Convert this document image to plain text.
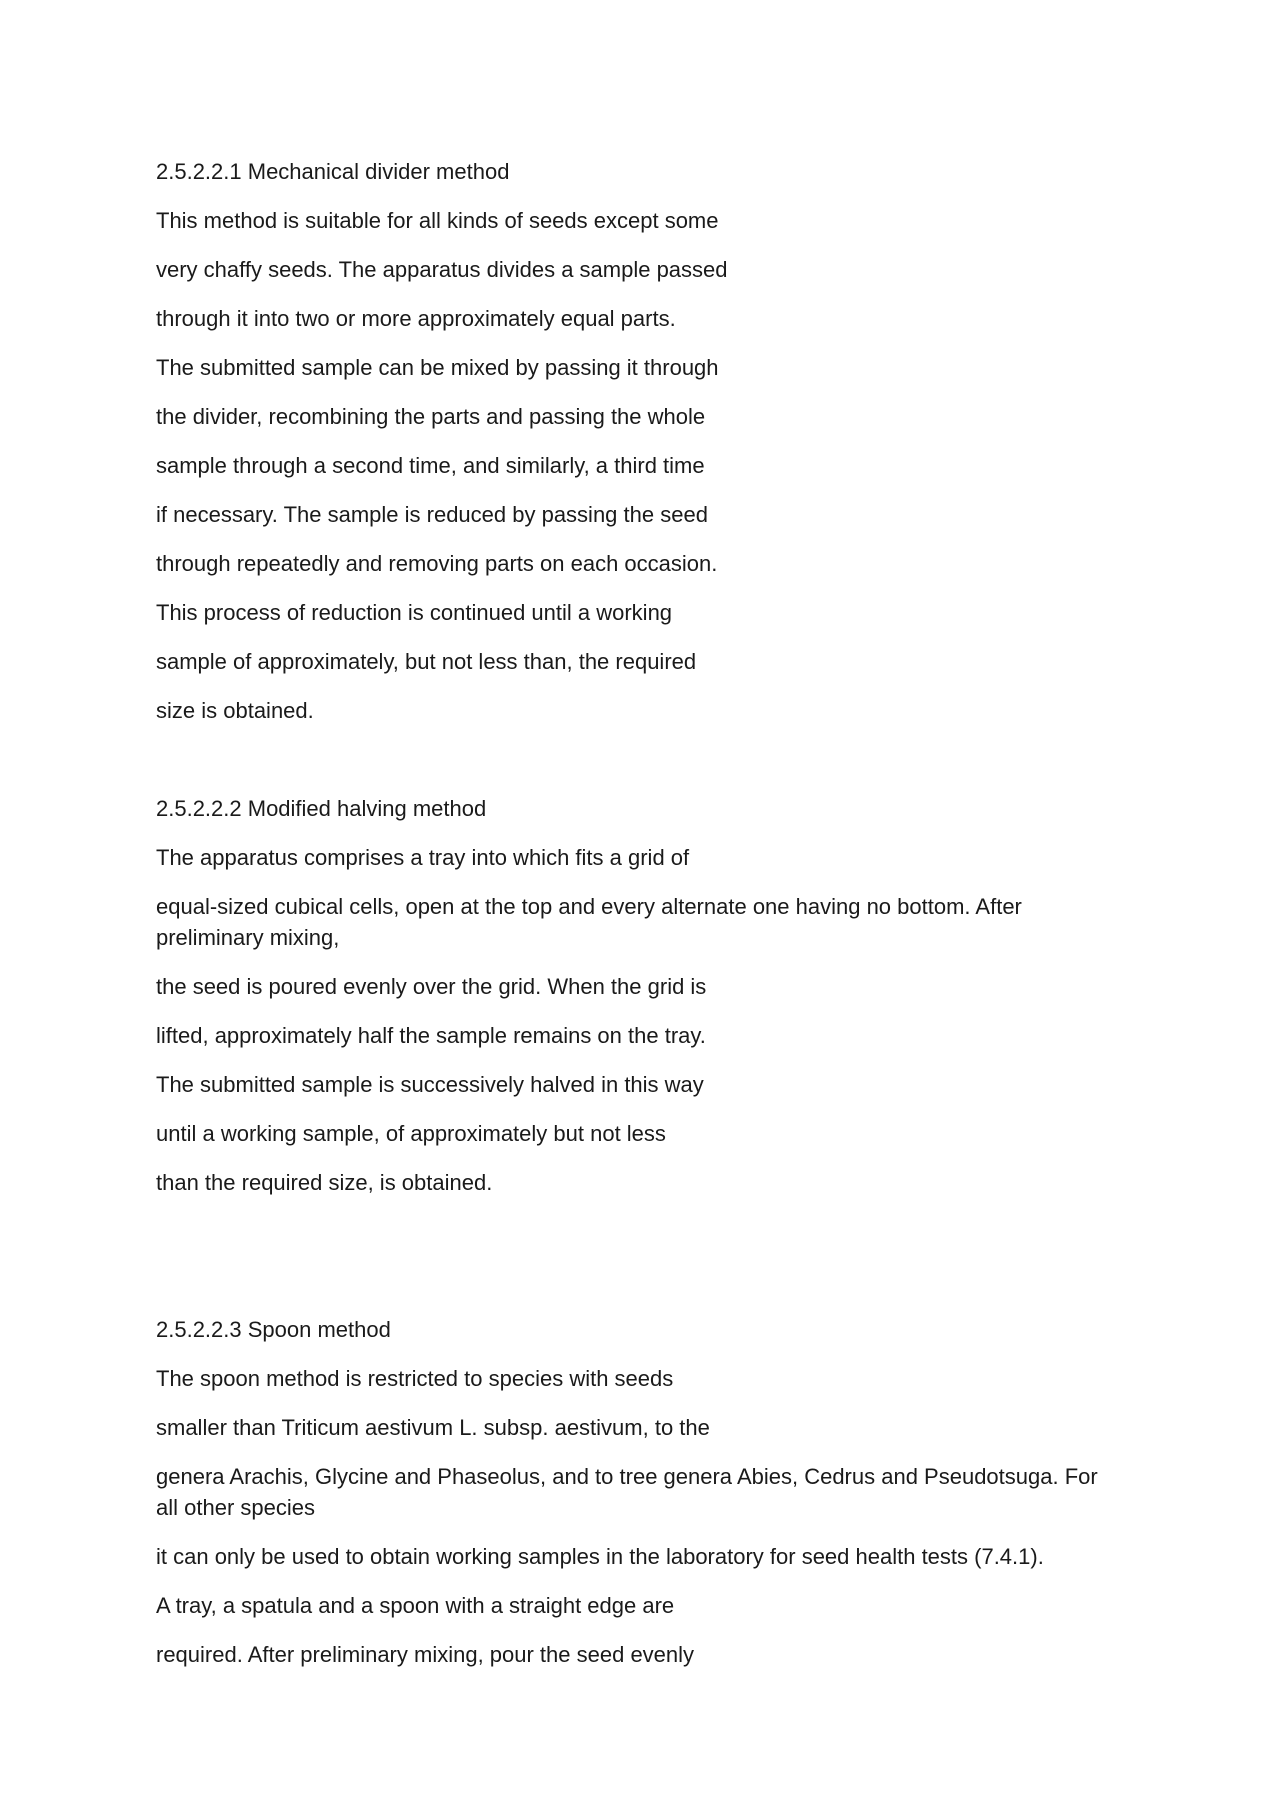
2.5.2.2.1 Mechanical divider method

This method is suitable for all kinds of seeds except some

very chaffy seeds. The apparatus divides a sample passed

through it into two or more approximately equal parts.

The submitted sample can be mixed by passing it through

the divider, recombining the parts and passing the whole

sample through a second time, and similarly, a third time

if necessary. The sample is reduced by passing the seed

through repeatedly and removing parts on each occasion.

This process of reduction is continued until a working

sample of approximately, but not less than, the required

size is obtained.

2.5.2.2.2 Modified halving method

The apparatus comprises a tray into which fits a grid of

equal-sized cubical cells, open at the top and every alternate one having no bottom. After preliminary mixing,

the seed is poured evenly over the grid. When the grid is

lifted, approximately half the sample remains on the tray.

The submitted sample is successively halved in this way

until a working sample, of approximately but not less

than the required size, is obtained.

2.5.2.2.3 Spoon method

The spoon method is restricted to species with seeds

smaller than Triticum aestivum L. subsp. aestivum, to the

genera Arachis, Glycine and Phaseolus, and to tree genera Abies, Cedrus and Pseudotsuga. For all other species

it can only be used to obtain working samples in the laboratory for seed health tests (7.4.1).

A tray, a spatula and a spoon with a straight edge are

required. After preliminary mixing, pour the seed evenly
